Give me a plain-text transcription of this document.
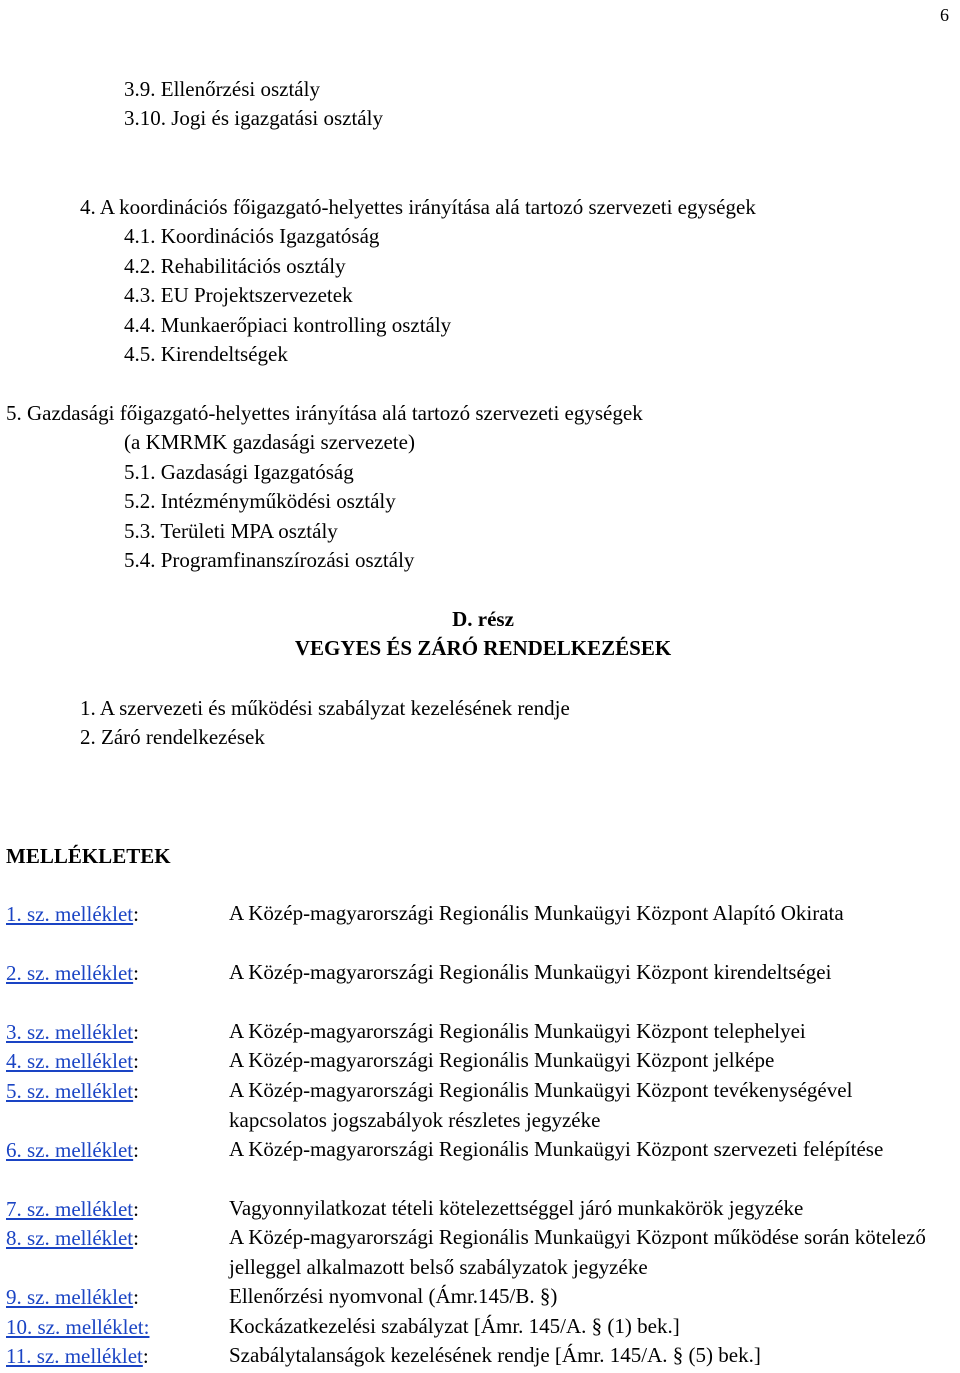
6
3.9. Ellenőrzési osztály
3.10. Jogi és igazgatási osztály
4. A koordinációs főigazgató-helyettes irányítása alá tartozó szervezeti egységek
4.1. Koordinációs Igazgatóság
4.2. Rehabilitációs osztály
4.3. EU Projektszervezetek
4.4. Munkaerőpiaci kontrolling osztály
4.5. Kirendeltségek
5. Gazdasági főigazgató-helyettes irányítása alá tartozó szervezeti egységek
(a KMRMK gazdasági szervezete)
5.1. Gazdasági Igazgatóság
5.2. Intézményműködési osztály
5.3. Területi MPA osztály
5.4. Programfinanszírozási osztály
D. rész
VEGYES ÉS ZÁRÓ RENDELKEZÉSEK
1. A szervezeti és működési szabályzat kezelésének rendje
2. Záró rendelkezések
MELLÉKLETEK
1. sz. melléklet:	A Közép-magyarországi Regionális Munkaügyi Központ Alapító Okirata
2. sz. melléklet:	A Közép-magyarországi Regionális Munkaügyi Központ kirendeltségei
3. sz. melléklet:	A Közép-magyarországi Regionális Munkaügyi Központ telephelyei
4. sz. melléklet:	A Közép-magyarországi Regionális Munkaügyi Központ jelképe
5. sz. melléklet:	A Közép-magyarországi Regionális Munkaügyi Központ tevékenységével kapcsolatos jogszabályok részletes jegyzéke
6. sz. melléklet:	A Közép-magyarországi Regionális Munkaügyi Központ szervezeti felépítése
7. sz. melléklet:	Vagyonnyilatkozat tételi kötelezettséggel járó munkakörök jegyzéke
8. sz. melléklet:	A Közép-magyarországi Regionális Munkaügyi Központ működése során kötelező jelleggel alkalmazott belső szabályzatok jegyzéke
9. sz. melléklet:	Ellenőrzési nyomvonal (Ámr.145/B. §)
10. sz. melléklet:	Kockázatkezelési szabályzat [Ámr. 145/A. § (1) bek.]
11. sz. melléklet:	Szabálytalanságok kezelésének rendje [Ámr. 145/A. § (5) bek.]
